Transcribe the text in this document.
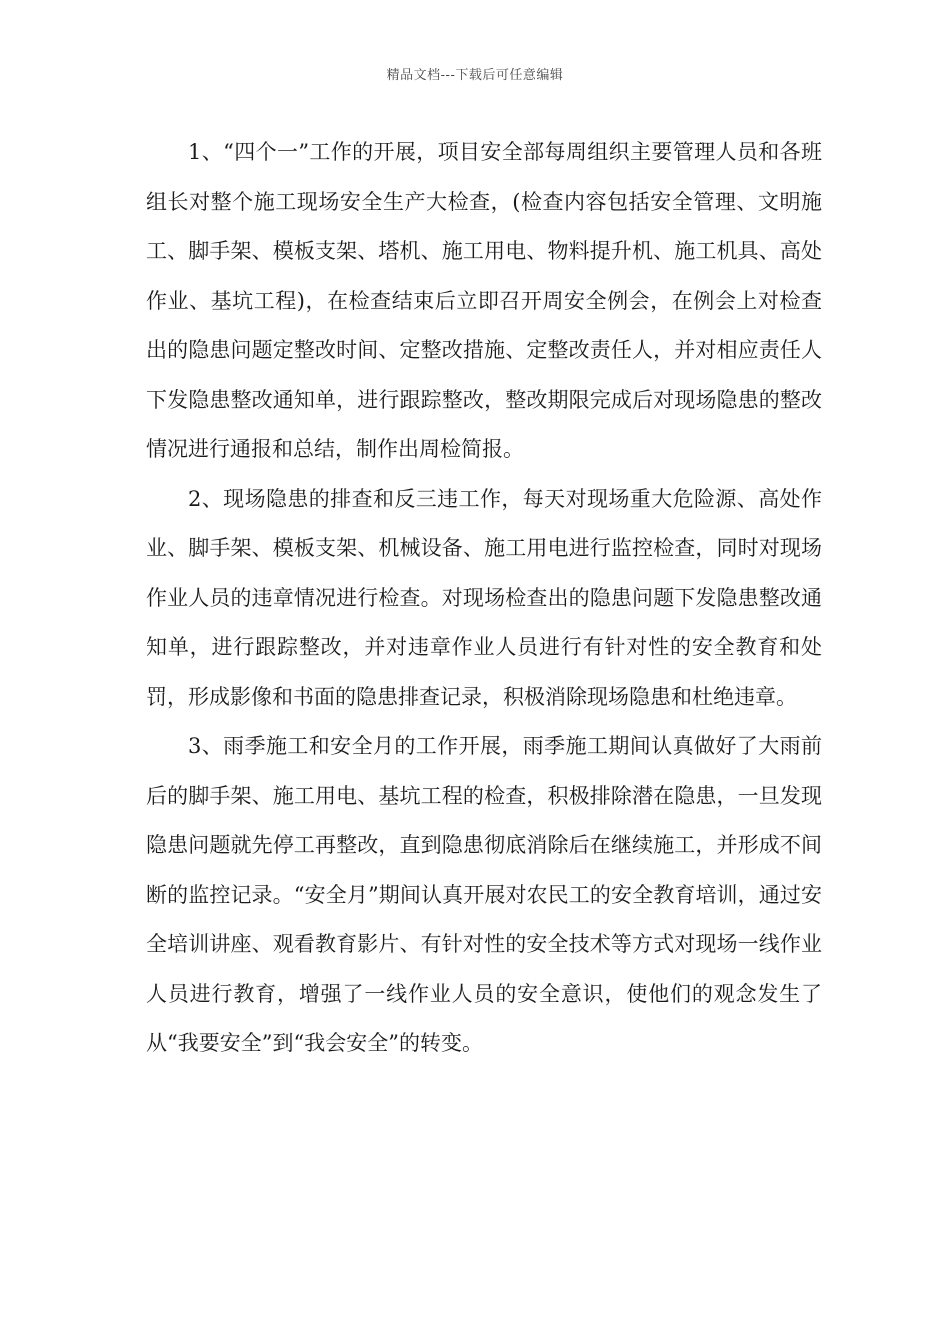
精品文档---下载后可任意编辑

1、“四个一”工作的开展，项目安全部每周组织主要管理人员和各班组长对整个施工现场安全生产大检查，(检查内容包括安全管理、文明施工、脚手架、模板支架、塔机、施工用电、物料提升机、施工机具、高处作业、基坑工程)，在检查结束后立即召开周安全例会，在例会上对检查出的隐患问题定整改时间、定整改措施、定整改责任人，并对相应责任人下发隐患整改通知单，进行跟踪整改，整改期限完成后对现场隐患的整改情况进行通报和总结，制作出周检简报。

2、现场隐患的排查和反三违工作，每天对现场重大危险源、高处作业、脚手架、模板支架、机械设备、施工用电进行监控检查，同时对现场作业人员的违章情况进行检查。对现场检查出的隐患问题下发隐患整改通知单，进行跟踪整改，并对违章作业人员进行有针对性的安全教育和处罚，形成影像和书面的隐患排查记录，积极消除现场隐患和杜绝违章。

3、雨季施工和安全月的工作开展，雨季施工期间认真做好了大雨前后的脚手架、施工用电、基坑工程的检查，积极排除潜在隐患，一旦发现隐患问题就先停工再整改，直到隐患彻底消除后在继续施工，并形成不间断的监控记录。“安全月”期间认真开展对农民工的安全教育培训，通过安全培训讲座、观看教育影片、有针对性的安全技术等方式对现场一线作业人员进行教育，增强了一线作业人员的安全意识，使他们的观念发生了从“我要安全”到“我会安全”的转变。
